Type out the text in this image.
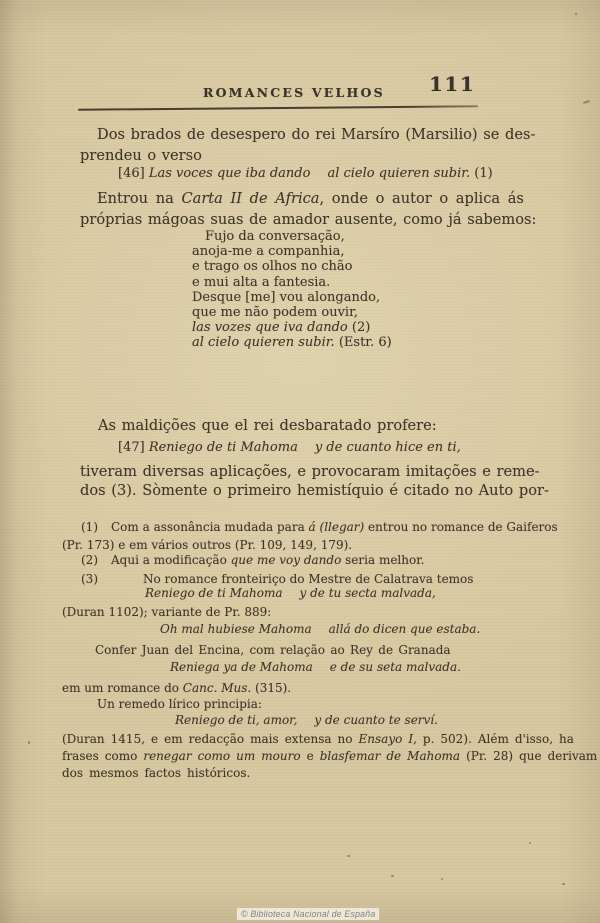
ROMANCES VELHOS 111
Dos brados de desespero do rei Marsíro (Marsilio) se des-
prendeu o verso
[46] Las voces que iba dando al cielo quieren subir. (1)
Entrou na Carta II de Africa, onde o autor o aplica ás
próprias mágoas suas de amador ausente, como já sabemos:
Fujo da conversação,
anoja-me a companhia,
e trago os olhos no chão
e mui alta a fantesia.
Desque [me] vou alongando,
que me não podem ouvir,
las vozes que iva dando (2)
al cielo quieren subir. (Estr. 6)
As maldições que el rei desbaratado profere:
[47] Reniego de ti Mahoma y de cuanto hice en ti,
tiveram diversas aplicações, e provocaram imitações e reme-
dos (3). Sòmente o primeiro hemistíquio é citado no Auto por-
(1) Com a assonância mudada para á (llegar) entrou no romance de Gaiferos
(Pr. 173) e em vários outros (Pr. 109, 149, 179).
(2) Aqui a modificação que me voy dando seria melhor.
(3)	No romance fronteiriço do Mestre de Calatrava temos
Reniego de ti Mahoma y de tu secta malvada,
(Duran 1102); variante de Pr. 889:
Oh mal hubiese Mahoma allá do dicen que estaba.
Confer Juan del Encina, com relação ao Rey de Granada
Reniega ya de Mahoma e de su seta malvada.
em um romance do Canc. Mus. (315).
Un remedo lírico principia:
Reniego de ti, amor, y de cuanto te serví.
(Duran 1415, e em redacção mais extensa no Ensayo I, p. 502). Além d'isso, ha
frases como renegar como um mouro e blasfemar de Mahoma (Pr. 28) que derivam
dos mesmos factos históricos.
© Biblioteca Nacional de España
